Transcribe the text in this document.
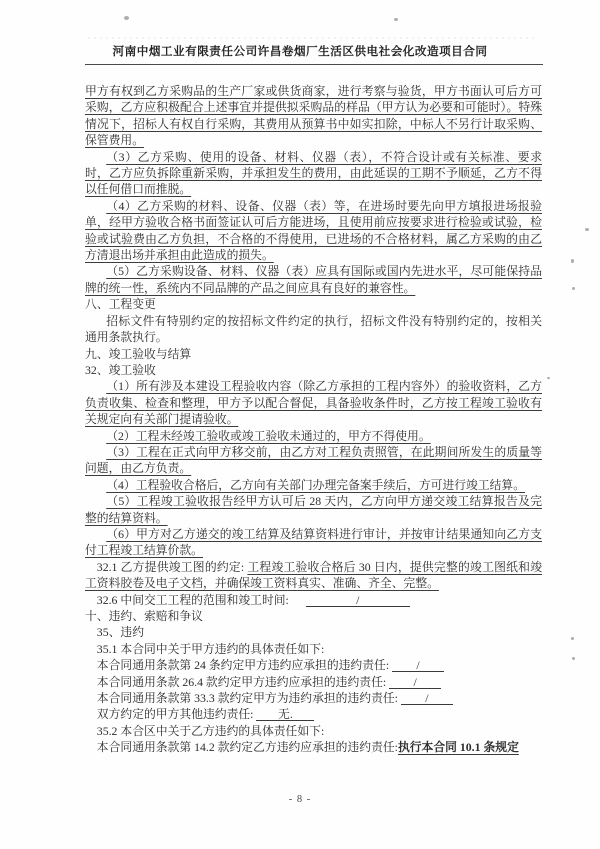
河南中烟工业有限责任公司许昌卷烟厂生活区供电社会化改造项目合同

甲方有权到乙方采购品的生产厂家或供货商家，进行考察与验货，甲方书面认可后方可采购，乙方应积极配合上述事宜并提供拟采购品的样品（甲方认为必要和可能时）。特殊情况下，招标人有权自行采购，其费用从预算书中如实扣除，中标人不另行计取采购、保管费用。

（3）乙方采购、使用的设备、材料、仪器（表），不符合设计或有关标准、要求时，乙方应负拆除重新采购，并承担发生的费用，由此延误的工期不予顺延，乙方不得以任何借口而推脱。

（4）乙方采购的材料、设备、仪器（表）等，在进场时要先向甲方填报进场报验单，经甲方验收合格书面签证认可后方能进场，且使用前应按要求进行检验或试验，检验或试验费由乙方负担，不合格的不得使用，已进场的不合格材料，属乙方采购的由乙方清退出场并承担由此造成的损失。

（5）乙方采购设备、材料、仪器（表）应具有国际或国内先进水平，尽可能保持品牌的统一性，系统内不同品牌的产品之间应具有良好的兼容性。

八、工程变更

招标文件有特别约定的按招标文件约定的执行，招标文件没有特别约定的，按相关通用条款执行。

九、竣工验收与结算

32、竣工验收

（1）所有涉及本建设工程验收内容（除乙方承担的工程内容外）的验收资料，乙方负责收集、检查和整理，甲方予以配合督促，具备验收条件时，乙方按工程竣工验收有关规定向有关部门提请验收。

（2）工程未经竣工验收或竣工验收未通过的，甲方不得使用。

（3）工程在正式向甲方移交前，由乙方对工程负责照管，在此期间所发生的质量等问题，由乙方负责。

（4）工程验收合格后，乙方向有关部门办理完备案手续后，方可进行竣工结算。

（5）工程竣工验收报告经甲方认可后 28 天内，乙方向甲方递交竣工结算报告及完整的结算资料。

（6）甲方对乙方递交的竣工结算及结算资料进行审计，并按审计结果通知向乙方支付工程竣工结算价款。

32.1 乙方提供竣工图的约定: 工程竣工验收合格后 30 日内，提供完整的竣工图纸和竣工资料胶卷及电子文档，并确保竣工资料真实、准确、齐全、完整。

32.6 中间交工工程的范围和竣工时间:	/

十、违约、索赔和争议

35、违约

35.1 本合同中关于甲方违约的具体责任如下:

本合同通用条款第 24 条约定甲方违约应承担的违约责任: /

本合同通用条款 26.4 款约定甲方违约应承担的违约责任: /

本合同通用条款第 33.3 款约定甲方为违约承担的违约责任: /

双方约定的甲方其他违约责任: 无.

35.2 本合区中关于乙方违约的具体责任如下:

本合同通用条款第 14.2 款约定乙方违约应承担的违约责任:执行本合同 10.1 条规定

- 8 -
